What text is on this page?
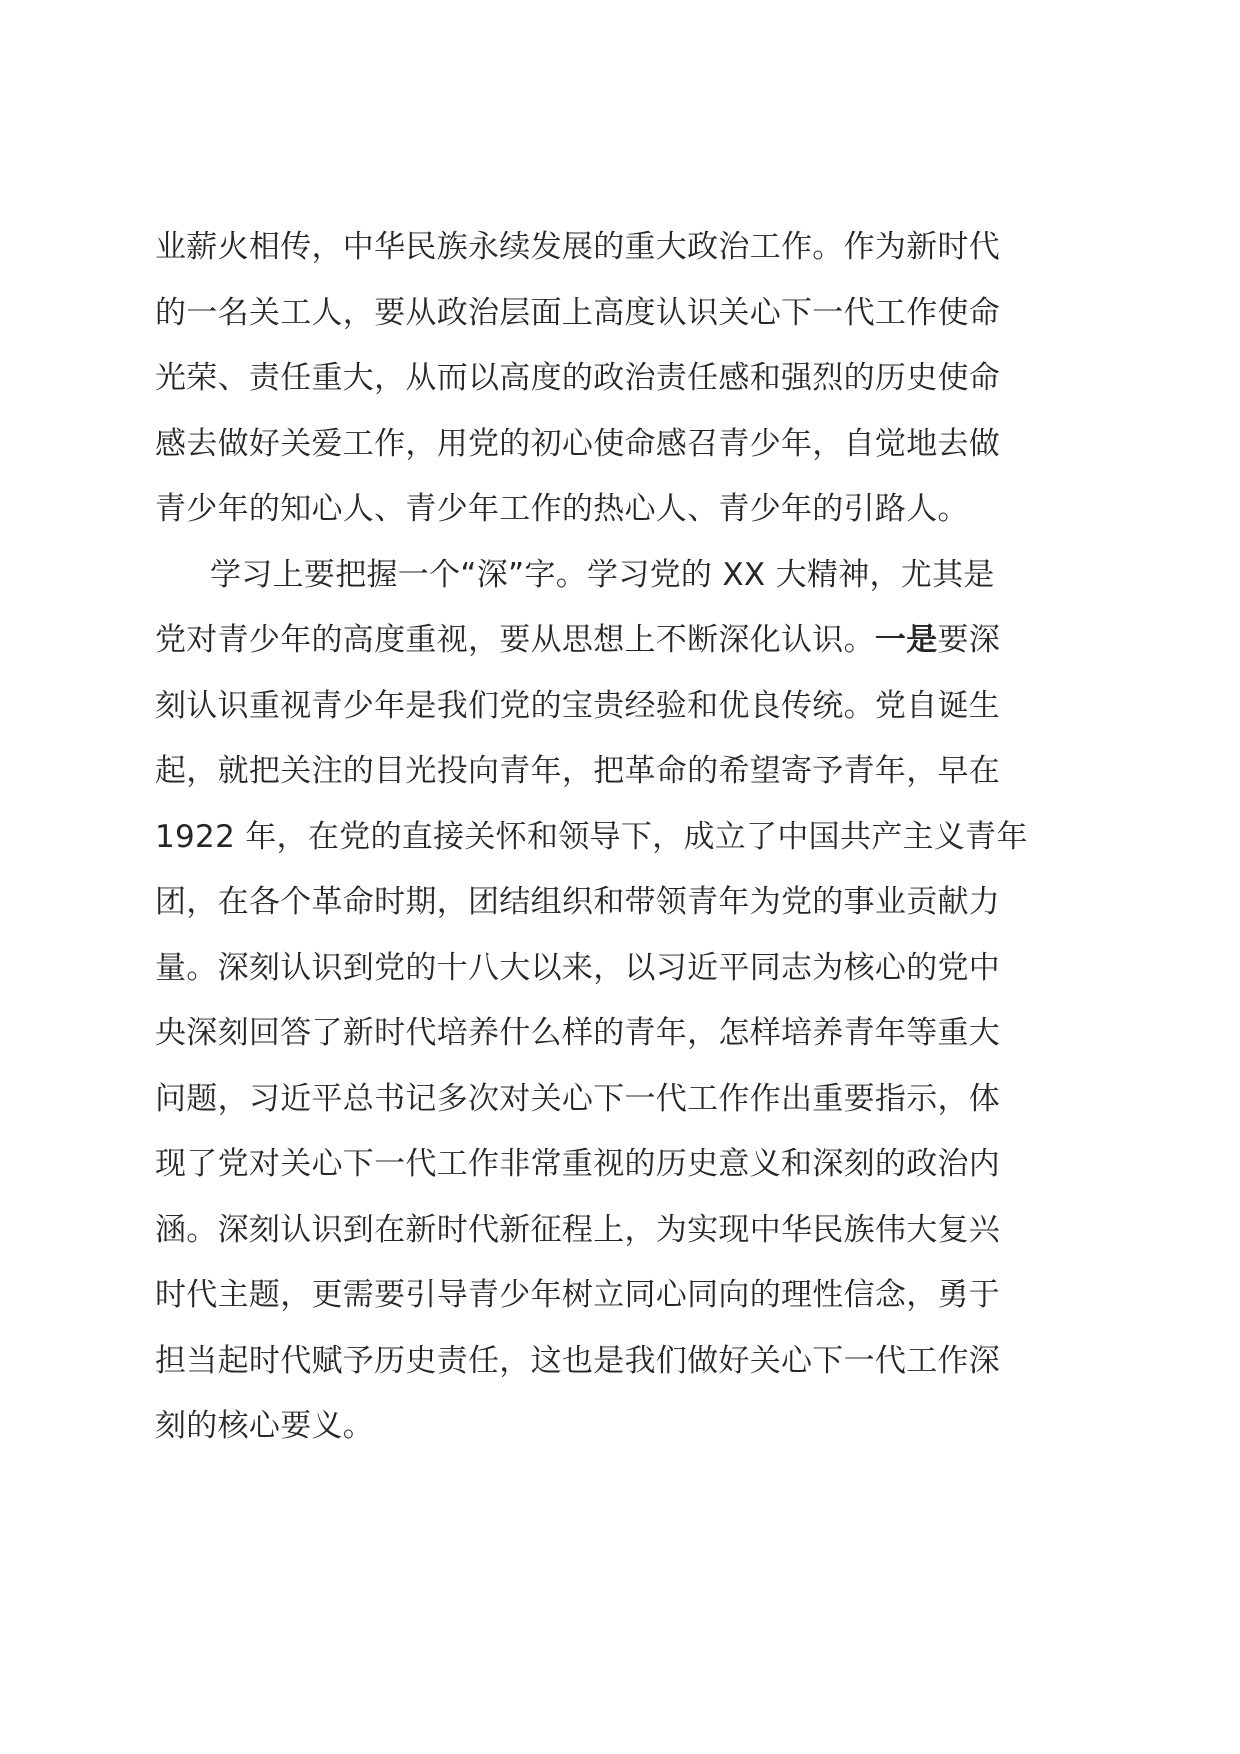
业薪火相传，中华民族永续发展的重大政治工作。作为新时代
的一名关工人，要从政治层面上高度认识关心下一代工作使命
光荣、责任重大，从而以高度的政治责任感和强烈的历史使命
感去做好关爱工作，用党的初心使命感召青少年，自觉地去做
青少年的知心人、青少年工作的热心人、青少年的引路人。
学习上要把握一个“深”字。学习党的 XX 大精神，尤其是
党对青少年的高度重视，要从思想上不断深化认识。一是要深
刻认识重视青少年是我们党的宝贵经验和优良传统。党自诞生
起，就把关注的目光投向青年，把革命的希望寄予青年，早在
1922 年，在党的直接关怀和领导下，成立了中国共产主义青年
团，在各个革命时期，团结组织和带领青年为党的事业贡献力
量。深刻认识到党的十八大以来，以习近平同志为核心的党中
央深刻回答了新时代培养什么样的青年，怎样培养青年等重大
问题，习近平总书记多次对关心下一代工作作出重要指示，体
现了党对关心下一代工作非常重视的历史意义和深刻的政治内
涵。深刻认识到在新时代新征程上，为实现中华民族伟大复兴
时代主题，更需要引导青少年树立同心同向的理性信念，勇于
担当起时代赋予历史责任，这也是我们做好关心下一代工作深
刻的核心要义。
